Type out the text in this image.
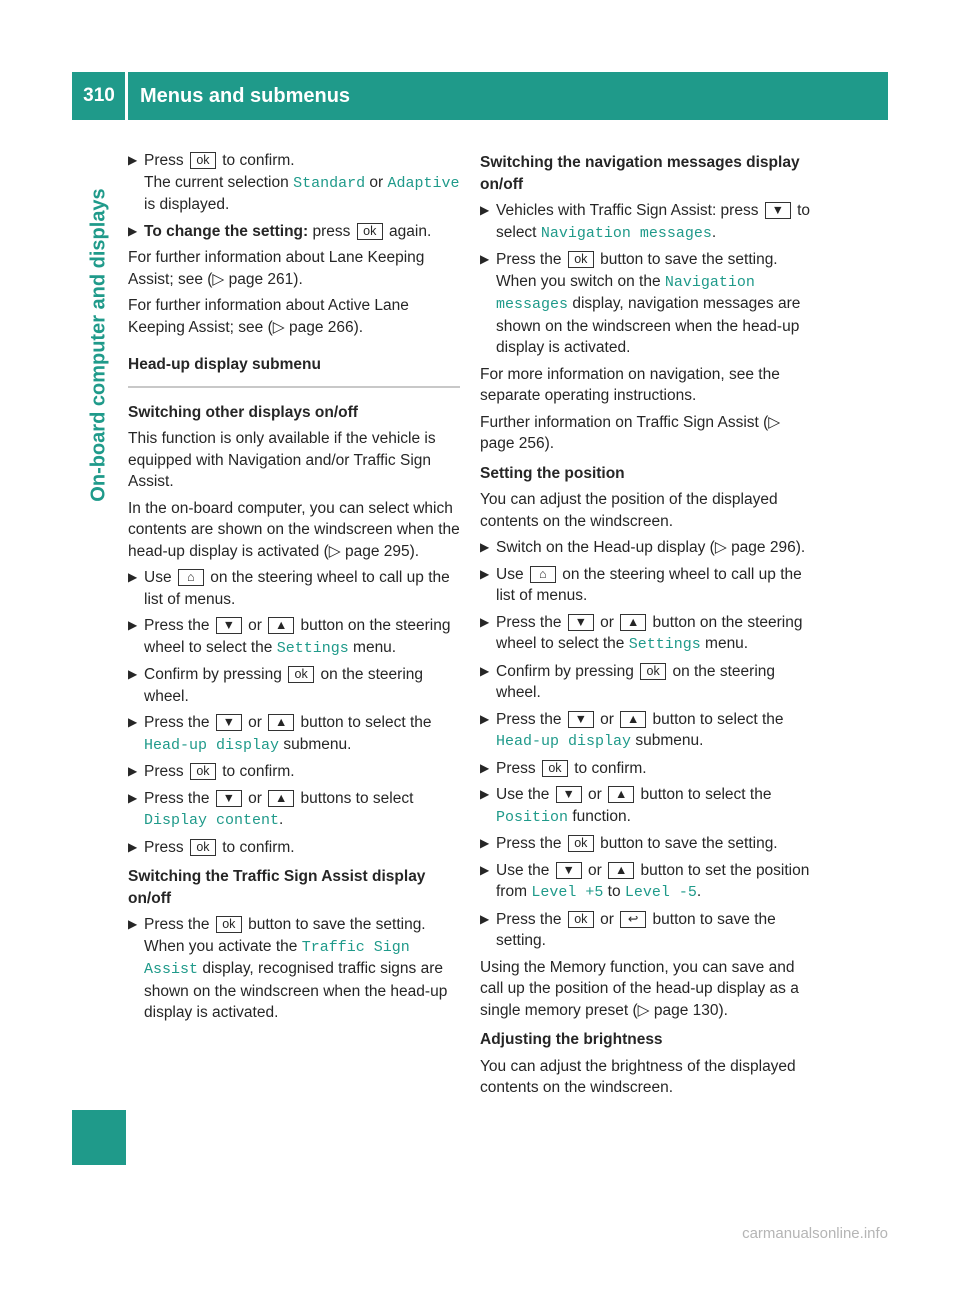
310	Menus and submenus
On-board computer and displays
▶ Press ok to confirm.
The current selection Standard or Adaptive is displayed.
▶ To change the setting: press ok again.

For further information about Lane Keeping Assist; see (▷ page 261).

For further information about Active Lane Keeping Assist; see (▷ page 266).

Head-up display submenu
Switching other displays on/off

This function is only available if the vehicle is equipped with Navigation and/or Traffic Sign Assist.

In the on-board computer, you can select which contents are shown on the windscreen when the head-up display is activated (▷ page 295).

▶ Use ⌂ on the steering wheel to call up the list of menus.
▶ Press the ▼ or ▲ button on the steering wheel to select the Settings menu.
▶ Confirm by pressing ok on the steering wheel.
▶ Press the ▼ or ▲ button to select the Head-up display submenu.
▶ Press ok to confirm.
▶ Press the ▼ or ▲ buttons to select Display content.
▶ Press ok to confirm.
Switching the Traffic Sign Assist display on/off
▶ Press the ok button to save the setting. When you activate the Traffic Sign Assist display, recognised traffic signs are shown on the windscreen when the head-up display is activated.
Switching the navigation messages display on/off
▶ Vehicles with Traffic Sign Assist: press ▼ to select Navigation messages.
▶ Press the ok button to save the setting. When you switch on the Navigation messages display, navigation messages are shown on the windscreen when the head-up display is activated.

For more information on navigation, see the separate operating instructions.

Further information on Traffic Sign Assist (▷ page 256).

Setting the position

You can adjust the position of the displayed contents on the windscreen.

▶ Switch on the Head-up display (▷ page 296).
▶ Use ⌂ on the steering wheel to call up the list of menus.
▶ Press the ▼ or ▲ button on the steering wheel to select the Settings menu.
▶ Confirm by pressing ok on the steering wheel.
▶ Press the ▼ or ▲ button to select the Head-up display submenu.
▶ Press ok to confirm.
▶ Use the ▼ or ▲ button to select the Position function.
▶ Press the ok button to save the setting.
▶ Use the ▼ or ▲ button to set the position from Level +5 to Level -5.
▶ Press the ok or ↩ button to save the setting.

Using the Memory function, you can save and call up the position of the head-up display as a single memory preset (▷ page 130).

Adjusting the brightness

You can adjust the brightness of the displayed contents on the windscreen.

carmanualsonline.info
